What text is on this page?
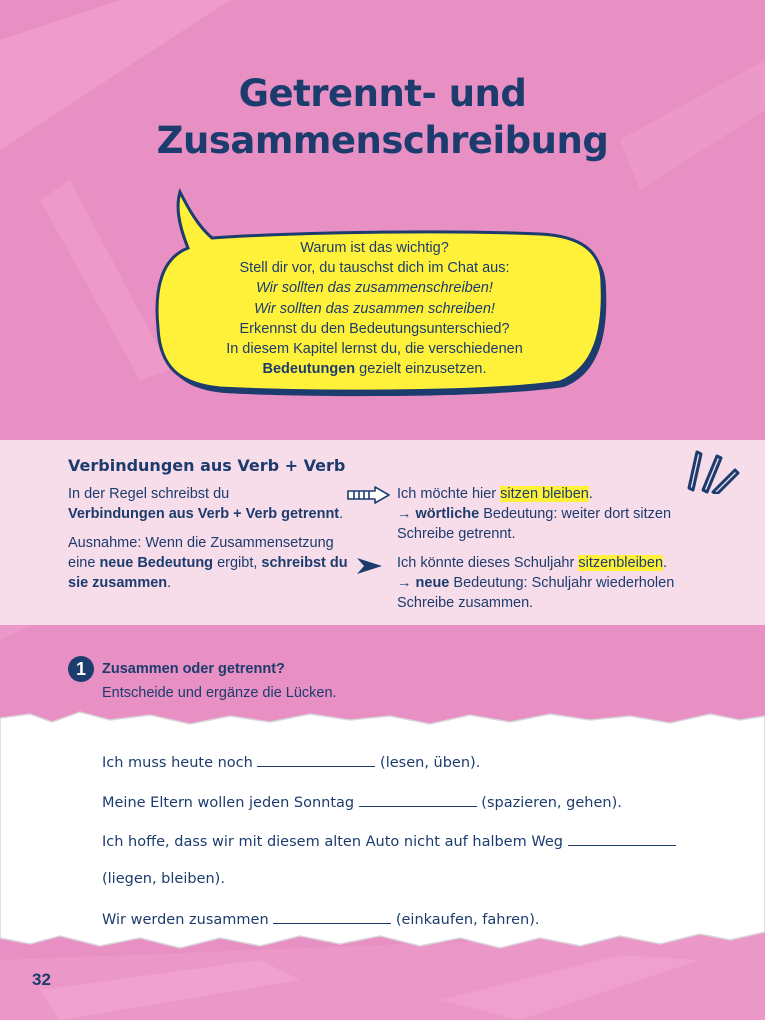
Getrennt- und
Zusammenschreibung
Warum ist das wichtig?
Stell dir vor, du tauschst dich im Chat aus:
Wir sollten das zusammenschreiben!
Wir sollten das zusammen schreiben!
Erkennst du den Bedeutungsunterschied?
In diesem Kapitel lernst du, die verschiedenen
Bedeutungen gezielt einzusetzen.
Verbindungen aus Verb + Verb

In der Regel schreibst du
Verbindungen aus Verb + Verb getrennt.

Ausnahme: Wenn die Zusammensetzung eine neue Bedeutung ergibt, schreibst du sie zusammen.

Ich möchte hier sitzen bleiben.
→ wörtliche Bedeutung: weiter dort sitzen
Schreibe getrennt.

Ich könnte dieses Schuljahr sitzenbleiben.
→ neue Bedeutung: Schuljahr wiederholen
Schreibe zusammen.

1	Zusammen oder getrennt?
Entscheide und ergänze die Lücken.
Ich muss heute noch	(lesen, üben).
Meine Eltern wollen jeden Sonntag	(spazieren, gehen).
Ich hoffe, dass wir mit diesem alten Auto nicht auf halbem Weg
(liegen, bleiben).
Wir werden zusammen	(einkaufen, fahren).
32
